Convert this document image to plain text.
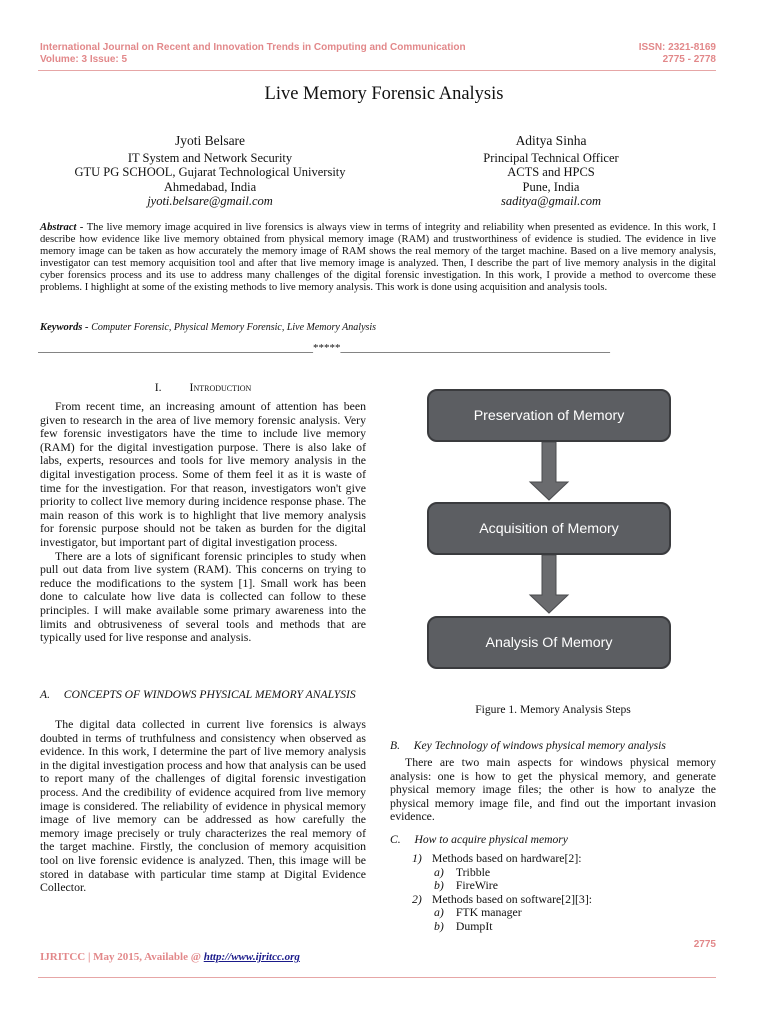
International Journal on Recent and Innovation Trends in Computing and Communication	ISSN: 2321-8169
Volume: 3 Issue: 5	2775 - 2778
Live Memory Forensic Analysis
Jyoti Belsare
IT System and Network Security
GTU PG SCHOOL, Gujarat Technological University
Ahmedabad, India
jyoti.belsare@gmail.com
Aditya Sinha
Principal Technical Officer
ACTS and HPCS
Pune, India
saditya@gmail.com
Abstract - The live memory image acquired in live forensics is always view in terms of integrity and reliability when presented as evidence. In this work, I describe how evidence like live memory obtained from physical memory image (RAM) and trustworthiness of evidence is studied. The evidence in live memory image can be taken as how accurately the memory image of RAM shows the real memory of the target machine. Based on a live memory analysis, investigator can test memory acquisition tool and after that live memory image is analyzed. Then, I describe the part of live memory analysis in the digital cyber forensics process and its use to address many challenges of the digital forensic investigation. In this work, I provide a method to overcome these problems. I highlight at some of the existing methods to live memory analysis. This work is done using acquisition and analysis tools.
Keywords - Computer Forensic, Physical Memory Forensic, Live Memory Analysis
__________________________________________________*****_________________________________________________
I. Introduction

From recent time, an increasing amount of attention has been given to research in the area of live memory forensic analysis. Very few forensic investigators have the time to include live memory (RAM) for the digital investigation purpose. There is also lake of labs, experts, resources and tools for live memory analysis in the digital investigation process. Some of them feel it as it is waste of time for the investigation. For that reason, investigators won't give priority to collect live memory during incidence response phase. The main reason of this work is to highlight that live memory analysis for forensic purpose should not be taken as burden for the digital investigator, but important part of digital investigation process.

There are a lots of significant forensic principles to study when pull out data from live system (RAM). This concerns on trying to reduce the modifications to the system [1]. Small work has been done to calculate how live data is collected can follow to these principles. I will make available some primary awareness into the limits and obtrusiveness of several tools and methods that are typically used for live response and analysis.

A. CONCEPTS OF WINDOWS PHYSICAL MEMORY ANALYSIS

The digital data collected in current live forensics is always doubted in terms of truthfulness and consistency when observed as evidence. In this work, I determine the part of live memory analysis in the digital investigation process and how that analysis can be used to report many of the challenges of digital forensic investigation process. And the credibility of evidence acquired from live memory image is considered. The reliability of evidence in physical memory image of live memory can be addressed as how carefully the memory image precisely or truly characterizes the real memory of the target machine. Firstly, the conclusion of memory acquisition tool on live forensic evidence is analyzed. Then, this image will be stored in database with particular time stamp at Digital Evidence Collector.

Preservation of Memory
Acquisition of Memory
Analysis Of Memory
Figure 1. Memory Analysis Steps
B. Key Technology of windows physical memory analysis

There are two main aspects for windows physical memory analysis: one is how to get the physical memory, and generate physical memory image files; the other is how to analyze the physical memory image file, and find out the important invasion evidence.

C. How to acquire physical memory
1) Methods based on hardware[2]:
a) Tribble
b) FireWire
2) Methods based on software[2][3]:
a) FTK manager
b) DumpIt
2775
IJRITCC | May 2015, Available @ http://www.ijritcc.org
